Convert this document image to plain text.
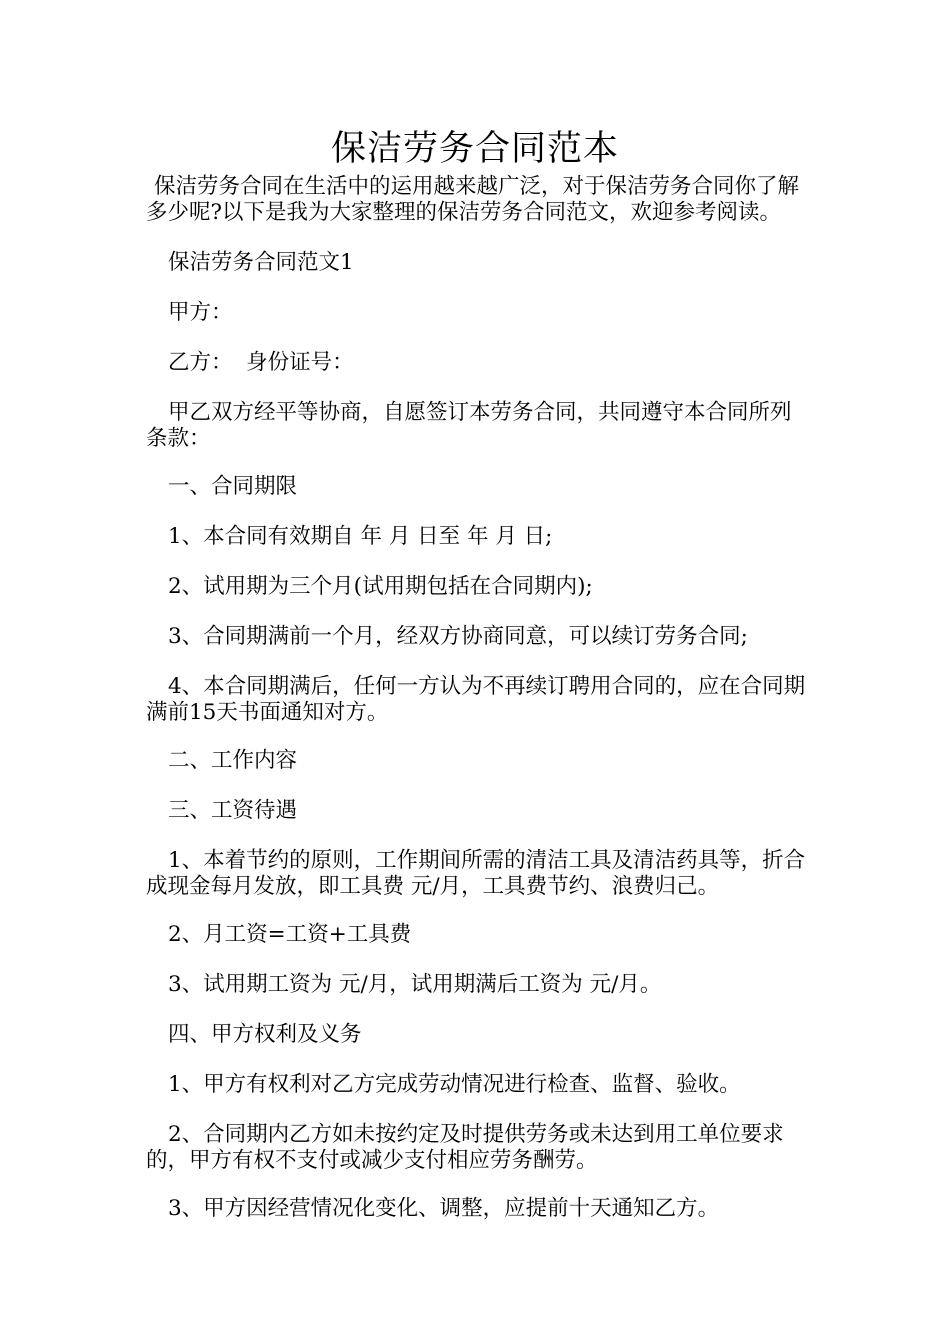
保洁劳务合同范本

保洁劳务合同在生活中的运用越来越广泛，对于保洁劳务合同你了解多少呢?以下是我为大家整理的保洁劳务合同范文，欢迎参考阅读。

保洁劳务合同范文1

甲方：

乙方：  身份证号：

甲乙双方经平等协商，自愿签订本劳务合同，共同遵守本合同所列条款：

一、合同期限

1、本合同有效期自 年 月 日至 年 月 日;

2、试用期为三个月(试用期包括在合同期内);

3、合同期满前一个月，经双方协商同意，可以续订劳务合同;

4、本合同期满后，任何一方认为不再续订聘用合同的，应在合同期满前15天书面通知对方。

二、工作内容

三、工资待遇

1、本着节约的原则，工作期间所需的清洁工具及清洁药具等，折合成现金每月发放，即工具费 元/月，工具费节约、浪费归己。

2、月工资=工资+工具费

3、试用期工资为 元/月，试用期满后工资为 元/月。

四、甲方权利及义务

1、甲方有权利对乙方完成劳动情况进行检查、监督、验收。

2、合同期内乙方如未按约定及时提供劳务或未达到用工单位要求的，甲方有权不支付或减少支付相应劳务酬劳。

3、甲方因经营情况化变化、调整，应提前十天通知乙方。
